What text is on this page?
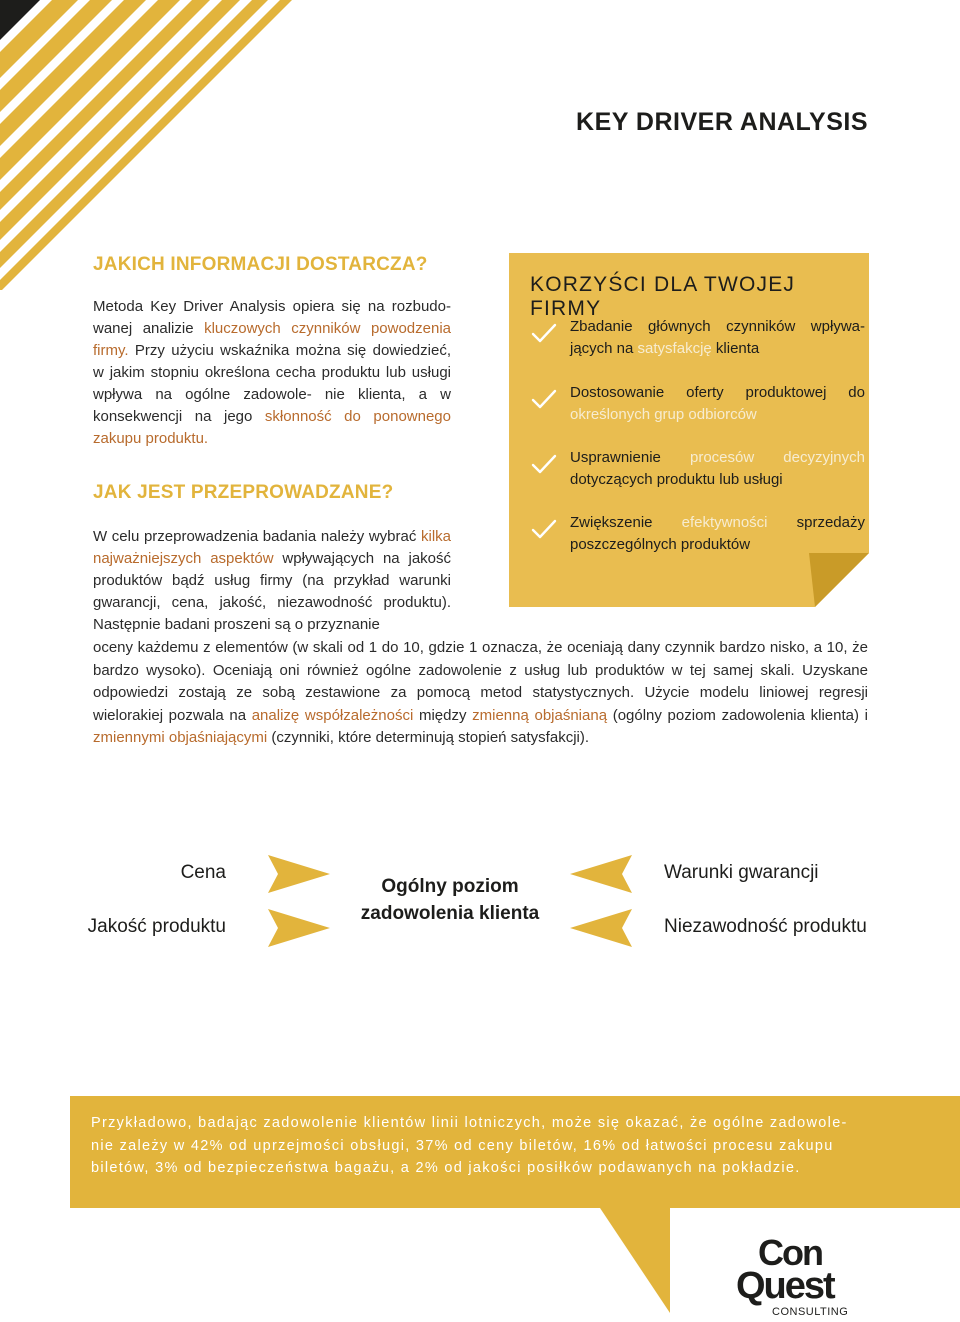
KEY DRIVER ANALYSIS
JAKICH INFORMACJI DOSTARCZA?
Metoda Key Driver Analysis opiera się na rozbudo- wanej analizie kluczowych czynników powodzenia firmy. Przy użyciu wskaźnika można się dowiedzieć, w jakim stopniu określona cecha produktu lub usługi wpływa na ogólne zadowole- nie klienta, a w konsekwencji na jego skłonność do ponownego zakupu produktu.
JAK JEST PRZEPROWADZANE?
W celu przeprowadzenia badania należy wybrać kilka najważniejszych aspektów wpływających na jakość produktów bądź usług firmy (na przykład warunki gwarancji, cena, jakość, niezawodność produktu). Następnie badani proszeni są o przyznanie
oceny każdemu z elementów (w skali od 1 do 10, gdzie 1 oznacza, że oceniają dany czynnik bardzo nisko, a 10, że bardzo wysoko). Oceniają oni również ogólne zadowolenie z usług lub produktów w tej samej skali. Uzyskane odpowiedzi zostają ze sobą zestawione za pomocą metod statystycznych. Użycie modelu liniowej regresji wielorakiej pozwala na analizę współzależności między zmienną objaśnianą (ogólny poziom zadowolenia klienta) i zmiennymi objaśniającymi (czynniki, które determinują stopień satysfakcji).
KORZYŚCI DLA TWOJEJ FIRMY
Zbadanie głównych czynników wpływa- jących na satysfakcję klienta
Dostosowanie oferty produktowej do określonych grup odbiorców
Usprawnienie procesów decyzyjnych dotyczących produktu lub usługi
Zwiększenie efektywności sprzedaży poszczególnych produktów
Cena
Jakość produktu
Warunki gwarancji
Niezawodność produktu
Ogólny poziom
zadowolenia klienta
Przykładowo, badając zadowolenie klientów linii lotniczych, może się okazać, że ogólne zadowole- nie zależy w 42% od uprzejmości obsługi, 37% od ceny biletów, 16% od łatwości procesu zakupu biletów, 3% od bezpieczeństwa bagażu, a 2% od jakości posiłków podawanych na pokładzie.
Con
Quest
CONSULTING
